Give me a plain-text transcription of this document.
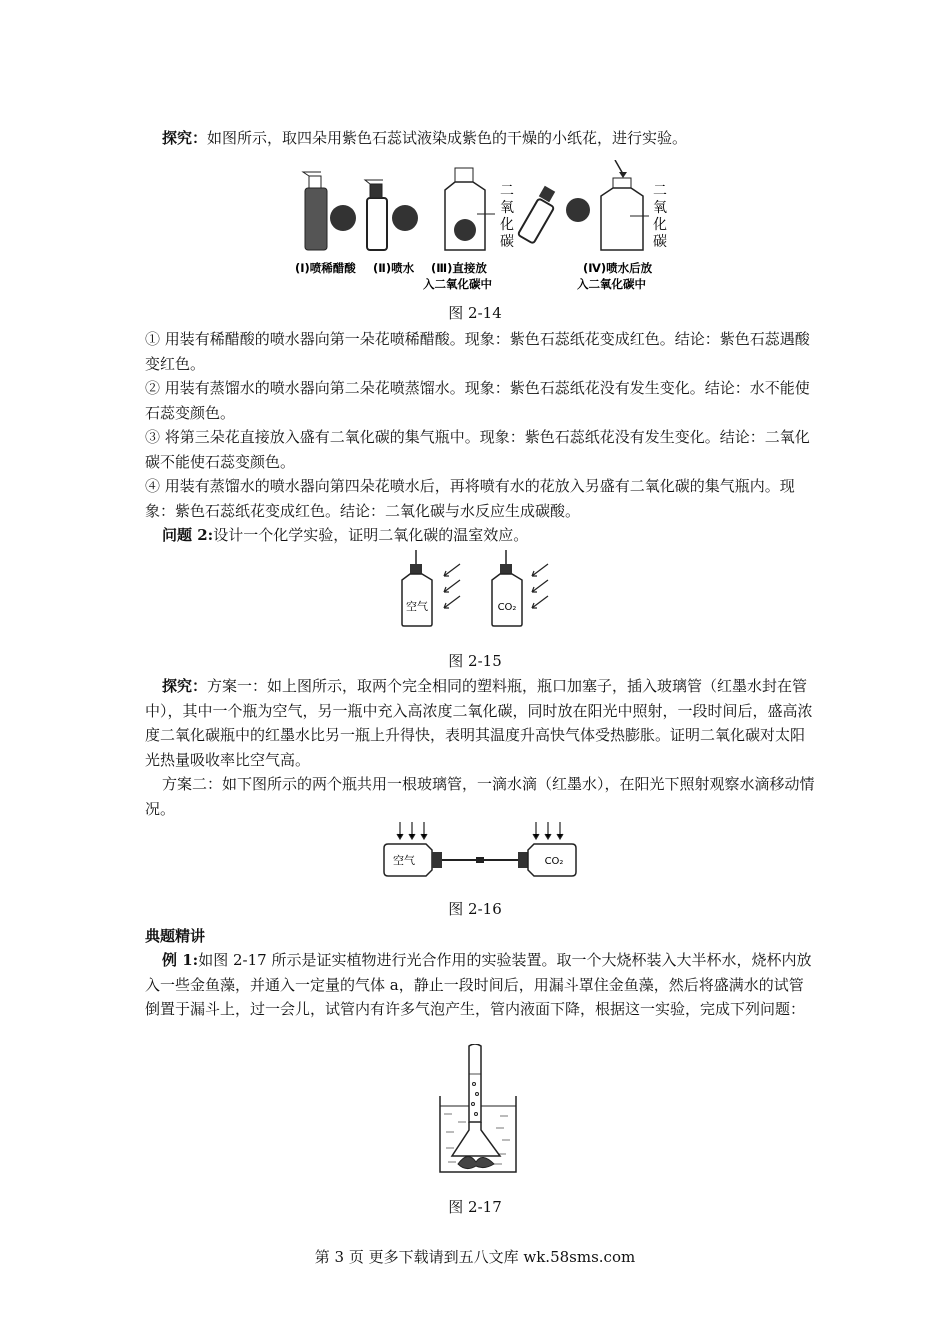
探究：如图所示，取四朵用紫色石蕊试液染成紫色的干燥的小纸花，进行实验。

二
氧
化
碳
二
氧
化
碳
(Ⅰ)喷稀醋酸 (Ⅱ)喷水 (Ⅲ)直接放
入二氧化碳中
(Ⅳ)喷水后放
入二氧化碳中
图 2-14

① 用装有稀醋酸的喷水器向第一朵花喷稀醋酸。现象：紫色石蕊纸花变成红色。结论：紫色石蕊遇酸变红色。

② 用装有蒸馏水的喷水器向第二朵花喷蒸馏水。现象：紫色石蕊纸花没有发生变化。结论：水不能使石蕊变颜色。

③ 将第三朵花直接放入盛有二氧化碳的集气瓶中。现象：紫色石蕊纸花没有发生变化。结论：二氧化碳不能使石蕊变颜色。

④ 用装有蒸馏水的喷水器向第四朵花喷水后，再将喷有水的花放入另盛有二氧化碳的集气瓶内。现象：紫色石蕊纸花变成红色。结论：二氧化碳与水反应生成碳酸。

问题 2:设计一个化学实验，证明二氧化碳的温室效应。

空气	CO₂
图 2-15

探究：方案一：如上图所示，取两个完全相同的塑料瓶，瓶口加塞子，插入玻璃管（红墨水封在管中），其中一个瓶为空气，另一瓶中充入高浓度二氧化碳，同时放在阳光中照射，一段时间后，盛高浓度二氧化碳瓶中的红墨水比另一瓶上升得快，表明其温度升高快气体受热膨胀。证明二氧化碳对太阳光热量吸收率比空气高。

方案二：如下图所示的两个瓶共用一根玻璃管，一滴水滴（红墨水），在阳光下照射观察水滴移动情况。

空气	CO₂
图 2-16

典题精讲

例 1:如图 2-17 所示是证实植物进行光合作用的实验装置。取一个大烧杯装入大半杯水，烧杯内放入一些金鱼藻，并通入一定量的气体 a，静止一段时间后，用漏斗罩住金鱼藻，然后将盛满水的试管倒置于漏斗上，过一会儿，试管内有许多气泡产生，管内液面下降，根据这一实验，完成下列问题：

图 2-17
第 3 页 更多下载请到五八文库 wk.58sms.com
